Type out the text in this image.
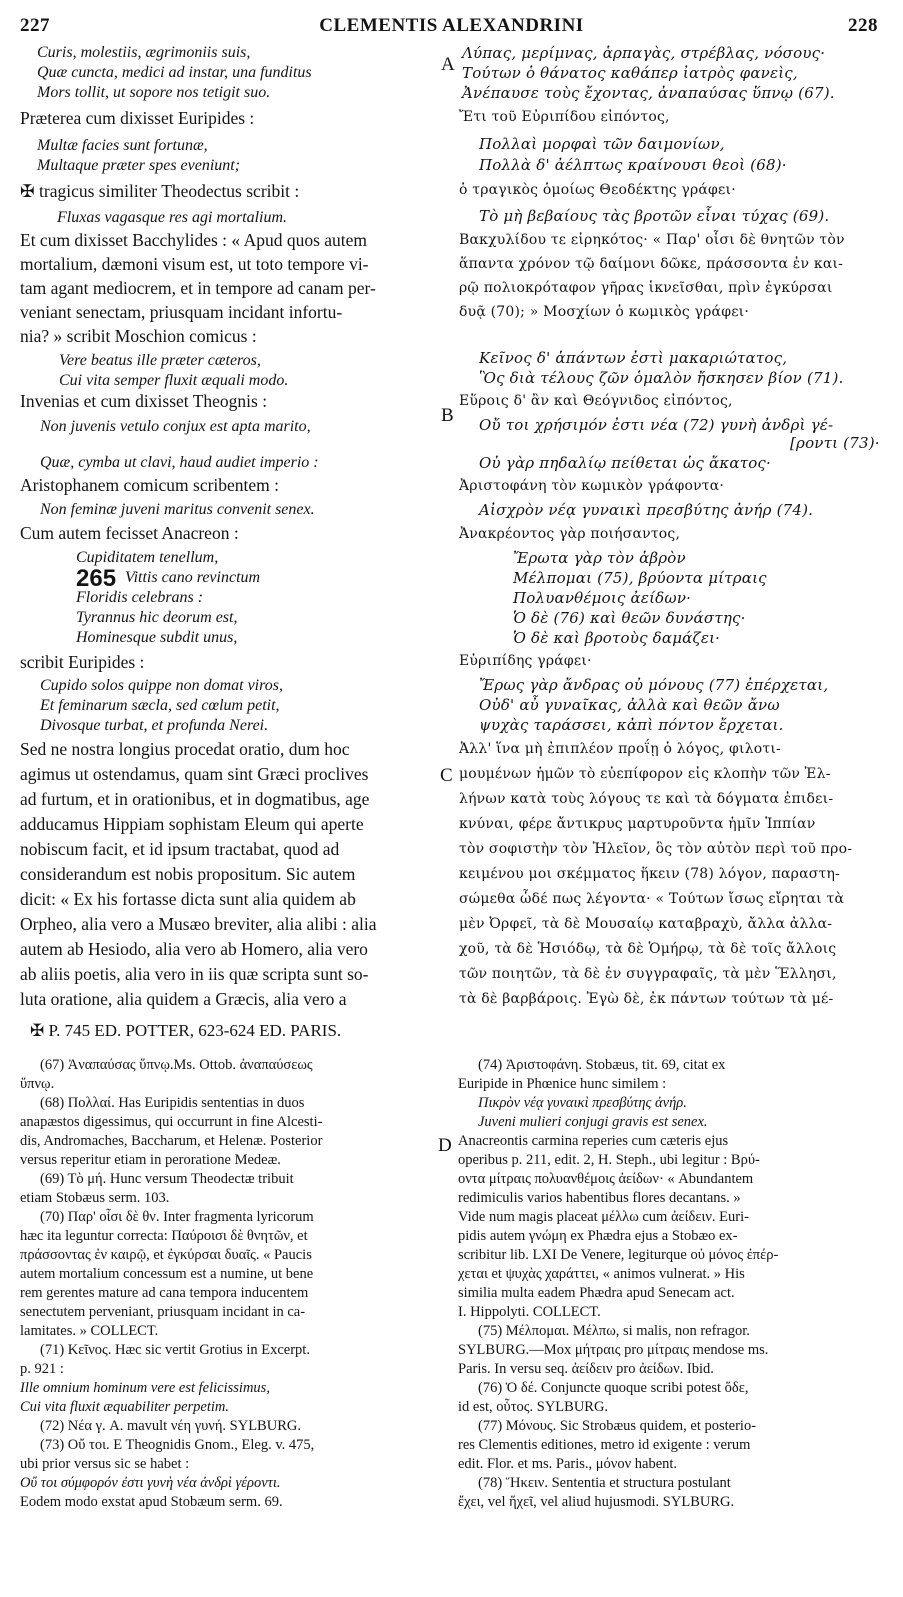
227	CLEMENTIS ALEXANDRINI	228
A
B
C
D
Curis, molestiis, ægrimoniis suis,
Quæ cuncta, medici ad instar, una funditus
Mors tollit, ut sopore nos tetigit suo.
Præterea cum dixisset Euripides :
Multæ facies sunt fortunæ,
Multaque præter spes eveniunt;
✠ tragicus similiter Theodectus scribit :
Fluxas vagasque res agi mortalium.
Et cum dixisset Bacchylides : « Apud quos autem
mortalium, dæmoni visum est, ut toto tempore vi-
tam agant mediocrem, et in tempore ad canam per-
veniant senectam, priusquam incidant infortu-
nia? » scribit Moschion comicus :
Vere beatus ille præter cæteros,
Cui vita semper fluxit æquali modo.
Invenias et cum dixisset Theognis :
Non juvenis vetulo conjux est apta marito,
Quæ, cymba ut clavi, haud audiet imperio :
Aristophanem comicum scribentem :
Non feminæ juveni maritus convenit senex.
Cum autem fecisset Anacreon :
Cupiditatem tenellum,
265 Vittis cano revinctum
Floridis celebrans :
Tyrannus hic deorum est,
Hominesque subdit unus,
scribit Euripides :
Cupido solos quippe non domat viros,
Et feminarum sæcla, sed cœlum petit,
Divosque turbat, et profunda Nerei.
Sed ne nostra longius procedat oratio, dum hoc
agimus ut ostendamus, quam sint Græci proclives
ad furtum, et in orationibus, et in dogmatibus, age
adducamus Hippiam sophistam Eleum qui aperte
nobiscum facit, et id ipsum tractabat, quod ad
considerandum est nobis propositum. Sic autem
dicit: « Ex his fortasse dicta sunt alia quidem ab
Orpheo, alia vero a Musæo breviter, alia alibi : alia
autem ab Hesiodo, alia vero ab Homero, alia vero
ab aliis poetis, alia vero in iis quæ scripta sunt so-
luta oratione, alia quidem a Græcis, alia vero a
Λύπας, μερίμνας, ἁρπαγὰς, στρέβλας, νόσους·
Τούτων ὁ θάνατος καθάπερ ἰατρὸς φανεὶς,
Ἀνέπαυσε τοὺς ἔχοντας, ἀναπαύσας ὕπνῳ (67).
Ἔτι τοῦ Εὐριπίδου εἰπόντος,
Πολλαὶ μορφαὶ τῶν δαιμονίων,
Πολλὰ δ' ἀέλπτως κραίνουσι θεοὶ (68)·
ὁ τραγικὸς ὁμοίως Θεοδέκτης γράφει·
Τὸ μὴ βεβαίους τὰς βροτῶν εἶναι τύχας (69).
Βακχυλίδου τε εἰρηκότος· « Παρ' οἷσι δὲ θνητῶν τὸν
ἅπαντα χρόνον τῷ δαίμονι δῶκε, πράσσοντα ἐν και-
ρῷ πολιοκρόταφον γῆρας ἱκνεῖσθαι, πρὶν ἐγκύρσαι
δυᾷ (70); » Μοσχίων ὁ κωμικὸς γράφει·
Κεῖνος δ' ἁπάντων ἐστὶ μακαριώτατος,
Ὃς διὰ τέλους ζῶν ὁμαλὸν ἤσκησεν βίον (71).
Εὕροις δ' ἂν καὶ Θεόγνιδος εἰπόντος,
Οὔ τοι χρήσιμόν ἐστι νέα (72) γυνὴ ἀνδρὶ γέ-
[ροντι (73)·
Οὐ γὰρ πηδαλίῳ πείθεται ὡς ἄκατος·
Ἀριστοφάνη τὸν κωμικὸν γράφοντα·
Αἰσχρὸν νέᾳ γυναικὶ πρεσβύτης ἀνήρ (74).
Ἀνακρέοντος γὰρ ποιήσαντος,
Ἔρωτα γὰρ τὸν ἁβρὸν
Μέλπομαι (75), βρύοντα μίτραις
Πολυανθέμοις ἀείδων·
Ὁ δὲ (76) καὶ θεῶν δυνάστης·
Ὁ δὲ καὶ βροτοὺς δαμάζει·
Εὐριπίδης γράφει·
Ἔρως γὰρ ἄνδρας οὐ μόνους (77) ἐπέρχεται,
Οὐδ' αὖ γυναῖκας, ἀλλὰ καὶ θεῶν ἄνω
ψυχὰς ταράσσει, κἀπὶ πόντον ἔρχεται.
Ἀλλ' ἵνα μὴ ἐπιπλέον προΐῃ ὁ λόγος, φιλοτι-
μουμένων ἡμῶν τὸ εὐεπίφορον εἰς κλοπὴν τῶν Ἑλ-
λήνων κατὰ τοὺς λόγους τε καὶ τὰ δόγματα ἐπιδει-
κνύναι, φέρε ἄντικρυς μαρτυροῦντα ἡμῖν Ἱππίαν
τὸν σοφιστὴν τὸν Ἠλεῖον, ὃς τὸν αὐτὸν περὶ τοῦ προ-
κειμένου μοι σκέμματος ἥκειν (78) λόγον, παραστη-
σώμεθα ὧδέ πως λέγοντα· « Τούτων ἴσως εἴρηται τὰ
μὲν Ὀρφεῖ, τὰ δὲ Μουσαίῳ καταβραχὺ, ἄλλα ἀλλα-
χοῦ, τὰ δὲ Ἡσιόδῳ, τὰ δὲ Ὁμήρῳ, τὰ δὲ τοῖς ἄλλοις
τῶν ποιητῶν, τὰ δὲ ἐν συγγραφαῖς, τὰ μὲν Ἕλλησι,
τὰ δὲ βαρβάροις. Ἐγὼ δὲ, ἐκ πάντων τούτων τὰ μέ-
✠ P. 745 ED. POTTER, 623-624 ED. PARIS.
(67) Ἀναπαύσας ὕπνῳ.Ms. Ottob. ἀναπαύσεως
ὕπνῳ.
(68) Πολλαί. Has Euripidis sententias in duos
anapæstos digessimus, qui occurrunt in fine Alcesti-
dis, Andromaches, Baccharum, et Helenæ. Posterior
versus reperitur etiam in peroratione Medeæ.
(69) Τὸ μή. Hunc versum Theodectæ tribuit
etiam Stobæus serm. 103.
(70) Παρ' οἷσι δὲ θν. Inter fragmenta lyricorum
hæc ita leguntur correcta: Παύροισι δὲ θνητῶν, et
πράσσοντας ἐν καιρῷ, et ἐγκύρσαι δυαῖς. « Paucis
autem mortalium concessum est a numine, ut bene
rem gerentes mature ad cana tempora inducentem
senectutem perveniant, priusquam incidant in ca-
lamitates. » COLLECT.
(71) Κεῖνος. Hæc sic vertit Grotius in Excerpt.
p. 921 :
Ille omnium hominum vere est felicissimus,
Cui vita fluxit æquabiliter perpetim.
(72) Νέα γ. A. mavult νέη γυνή. SYLBURG.
(73) Οὔ τοι. E Theognidis Gnom., Eleg. v. 475,
ubi prior versus sic se habet :
Οὔ τοι σύμφορόν ἐστι γυνὴ νέα ἀνδρὶ γέροντι.
Eodem modo exstat apud Stobæum serm. 69.
(74) Ἀριστοφάνη. Stobæus, tit. 69, citat ex
Euripide in Phœnice hunc similem :
Πικρὸν νέᾳ γυναικὶ πρεσβύτης ἀνήρ.
Juveni mulieri conjugi gravis est senex.
Anacreontis carmina reperies cum cæteris ejus
operibus p. 211, edit. 2, H. Steph., ubi legitur : Βρύ-
οντα μίτραις πολυανθέμοις ἀείδων· « Abundantem
redimiculis varios habentibus flores decantans. »
Vide num magis placeat μέλλω cum ἀείδειν. Euri-
pidis autem γνώμη ex Phædra ejus a Stobæo ex-
scribitur lib. LXI De Venere, legiturque οὐ μόνος ἐπέρ-
χεται et ψυχὰς χαράττει, « animos vulnerat. » His
similia multa eadem Phædra apud Senecam act.
I. Hippolyti. COLLECT.
(75) Μέλπομαι. Μέλπω, si malis, non refragor.
SYLBURG.—Mox μήτραις pro μίτραις mendose ms.
Paris. In versu seq. ἀείδειν pro ἀείδων. Ibid.
(76) Ὁ δέ. Conjuncte quoque scribi potest ὅδε,
id est, οὗτος. SYLBURG.
(77) Μόνους. Sic Strobæus quidem, et posterio-
res Clementis editiones, metro id exigente : verum
edit. Flor. et ms. Paris., μόνον habent.
(78) Ἥκειν. Sententia et structura postulant
ἔχει, vel ἥχεῖ, vel aliud hujusmodi. SYLBURG.
